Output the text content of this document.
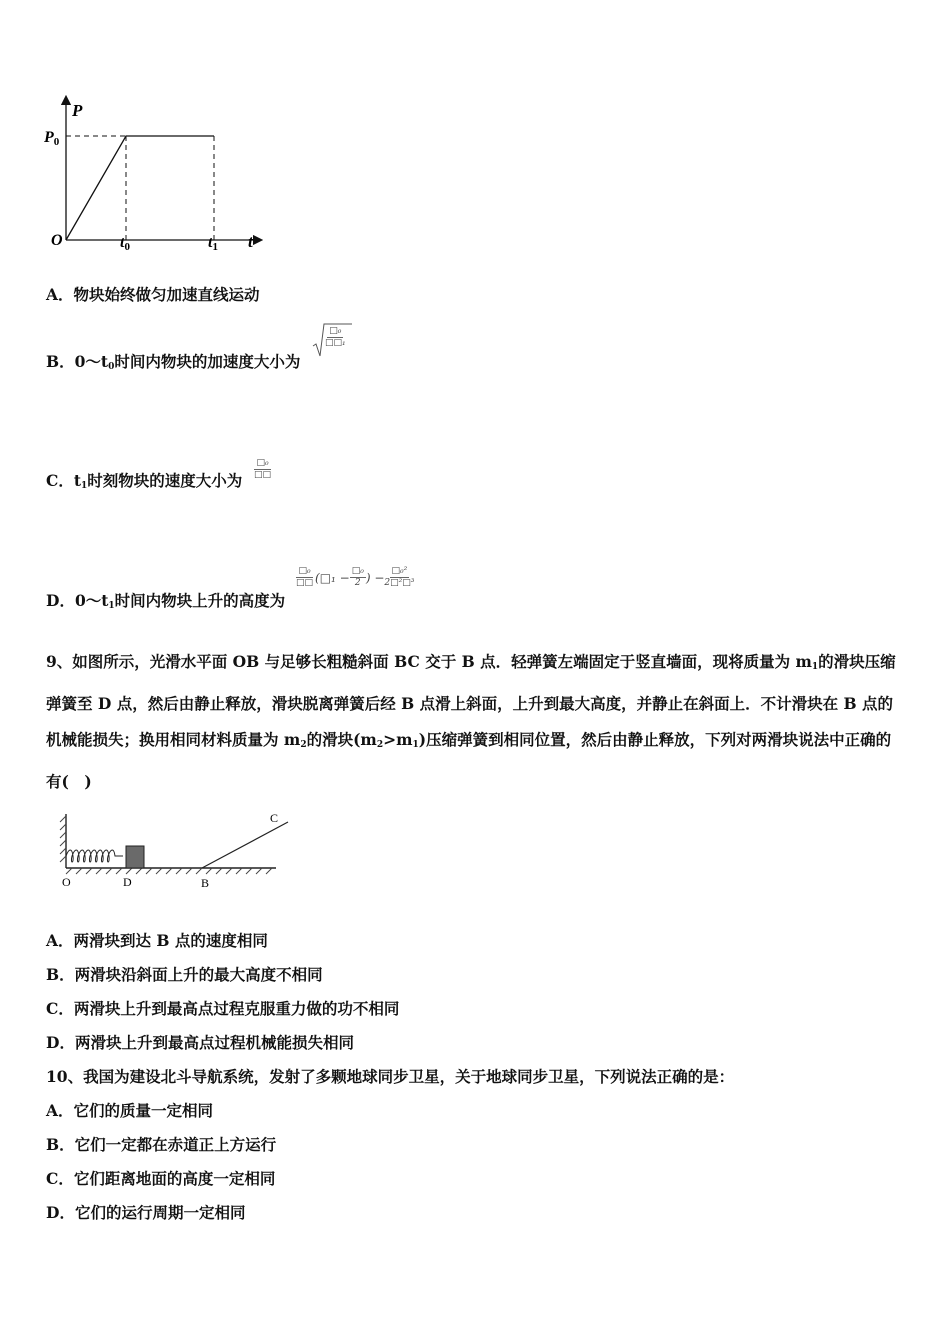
P
t
O
P0
t0	t1
A．物块始终做匀加速直线运动
B．$0\sim t_0$时间内物块的加速度大小为
□₀
□□₁
C．$t_1$时刻物块的速度大小为 $\frac{\text{□₀}}{□□}$
D．$0\sim t_1$时间内物块上升的高度为
$\frac{\text{□₀}}{□□}$ (□₁ − $\frac{\text{□₀}}{2}$ ) − $\frac{\text{□₀²}}{\text{2□²□³}}$
9、如图所示，光滑水平面 OB 与足够长粗糙斜面 BC 交于 B 点．轻弹簧左端固定于竖直墙面，现将质量为 $m_1$的滑块压缩弹簧至 D 点，然后由静止释放，滑块脱离弹簧后经 B 点滑上斜面，上升到最大高度，并静止在斜面上．不计滑块在 B 点的机械能损失；换用相同材料质量为 $m_2$的滑块$(m_2>m_1)$压缩弹簧到相同位置，然后由静止释放，下列对两滑块说法中正确的有(　)
O	D	B
C
A．两滑块到达 B 点的速度相同
B．两滑块沿斜面上升的最大高度不相同
C．两滑块上升到最高点过程克服重力做的功不相同
D．两滑块上升到最高点过程机械能损失相同
10、我国为建设北斗导航系统，发射了多颗地球同步卫星，关于地球同步卫星，下列说法正确的是：
A．它们的质量一定相同
B．它们一定都在赤道正上方运行
C．它们距离地面的高度一定相同
D．它们的运行周期一定相同
